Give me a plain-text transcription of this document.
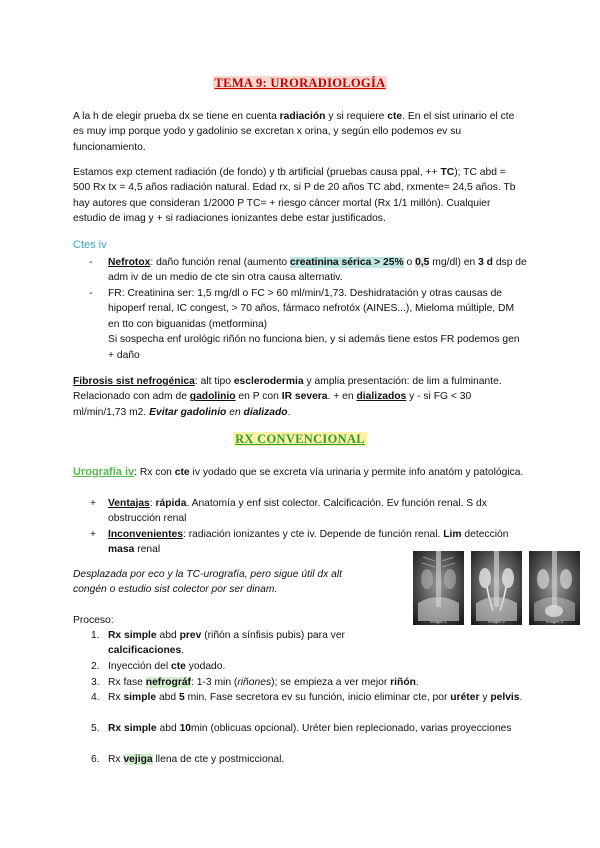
TEMA 9: URORADIOLOGÍA

A la h de elegir prueba dx se tiene en cuenta radiación y si requiere cte. En el sist urinario el cte es muy imp porque yodo y gadolinio se excretan x orina, y según ello podemos ev su funcionamiento.

Estamos exp ctement radiación (de fondo) y tb artificial (pruebas causa ppal, ++ TC); TC abd = 500 Rx tx = 4,5 años radiación natural. Edad rx, si P de 20 años TC abd, rxmente= 24,5 años. Tb hay autores que consideran 1/2000 P TC= + riesgo cáncer mortal (Rx 1/1 millón). Cualquier estudio de imag y + si radiaciones ionizantes debe estar justificados.

Ctes iv

- Nefrotox: daño función renal (aumento creatinina sérica > 25% o 0,5 mg/dl) en 3 d dsp de adm iv de un medio de cte sin otra causa alternativ.

- FR: Creatinina ser: 1,5 mg/dl o FC > 60 ml/min/1,73. Deshidratación y otras causas de hipoperf renal, IC congest, > 70 años, fármaco nefrotóx (AINES...), Mieloma múltiple, DM en tto con biguanidas (metformina)
Si sospecha enf urológic riñón no funciona bien, y si además tiene estos FR podemos gen + daño

Fibrosis sist nefrogénica: alt tipo esclerodermia y amplia presentación: de lim a fulminante. Relacionado con adm de gadolinio en P con IR severa. + en dializados y - si FG < 30 ml/min/1,73 m2. Evitar gadolinio en dializado.

RX CONVENCIONAL

Urografía iv: Rx con cte iv yodado que se excreta vía urinaria y permite info anatóm y patológica.

+ Ventajas: rápida. Anatomía y enf sist colector. Calcificación. Ev función renal. S dx obstrucción renal

+ Inconvenientes: radiación ionizantes y cte iv. Depende de función renal. Lim detección masa renal

Desplazada por eco y la TC-urografía, pero sigue útil dx alt congén o estudio sist colector por ser dinam.

Imagen 1	Imagen 2	Imagen 3

Proceso:

1. Rx simple abd prev (riñón a sínfisis pubis) para ver calcificaciones.

2. Inyección del cte yodado.

3. Rx fase nefrográf: 1-3 min (riñones); se empieza a ver mejor riñón.

4. Rx simple abd 5 min. Fase secretora ev su función, inicio eliminar cte, por uréter y pelvis.

5. Rx simple abd 10min (oblicuas opcional). Uréter bien replecionado, varias proyecciones

6. Rx vejiga llena de cte y postmiccional.
